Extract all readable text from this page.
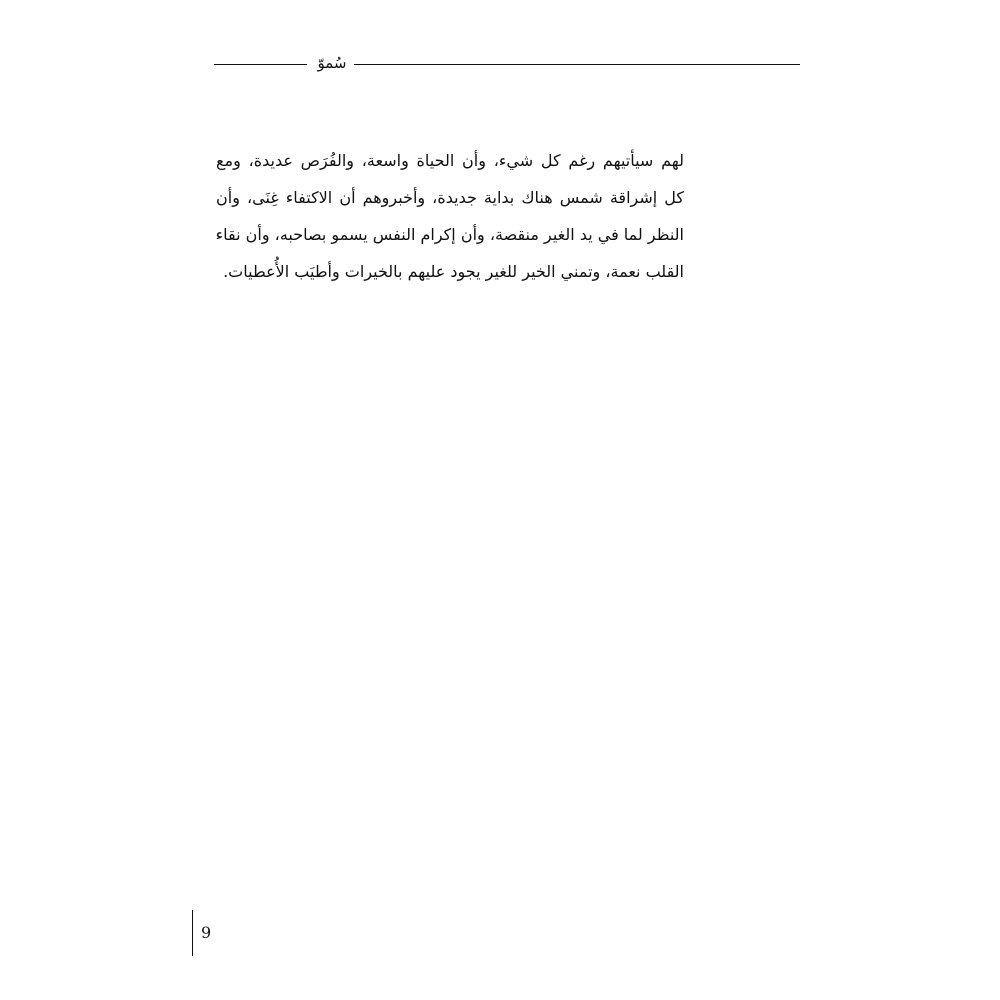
سُموّ
لهم سيأتيهم رغم كل شيء، وأن الحياة واسعة، والفُرَص عديدة، ومع
كل إشراقة شمس هناك بداية جديدة، وأخبروهم أن الاكتفاء غِنَى، وأن
النظر لما في يد الغير منقصة، وأن إكرام النفس يسمو بصاحبه، وأن نقاء
القلب نعمة، وتمني الخير للغير يجود عليهم بالخيرات وأطيَب الأُعطيات.
9
